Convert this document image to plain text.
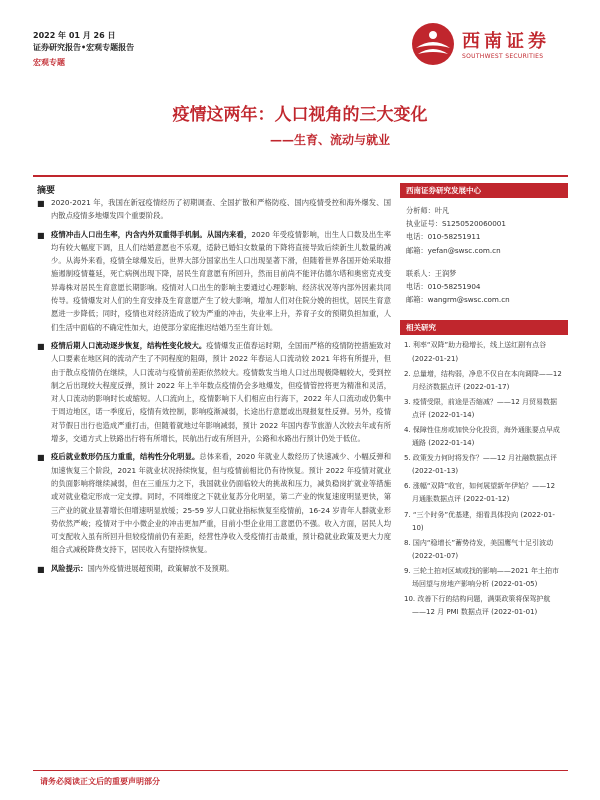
2022 年 01 月 26 日
证券研究报告•宏观专题报告
宏观专题
西南证券
SOUTHWEST SECURITIES
疫情这两年：人口视角的三大变化
——生育、流动与就业
摘要
■ 2020-2021 年，我国在新冠疫情经历了初期调查、全国扩散和严格防疫、国内疫情受控和海外爆发、国内散点疫情多地爆发四个重要阶段。
■ 疫情冲击人口出生率，内含内外双重得手机制。从国内来看，2020 年受疫情影响，出生人口数及出生率均有较大幅度下调，且人们结婚意愿也不乐观，适龄已婚妇女数量的下降将直接导致后续新生儿数量的减少。从海外来看，疫情全球爆发后，世界大部分国家出生人口出现显著下滑，但随着世界各国开始采取措施遏制疫情蔓延，死亡病例出现下降，居民生育意愿有所回升，然而目前尚不能评估德尔塔和奥密克戎变异毒株对居民生育意愿长期影响。疫情对人口出生的影响主要通过心理影响、经济状况等内部外因素共同传导。疫情爆发对人们的生育安排及生育意愿产生了较大影响，增加人们对住院分娩的担忧，居民生育意愿进一步降低；同时，疫情也对经济造成了较为严重的冲击，失业率上升，养育子女的预期负担加重，人们生活中面临的不确定性加大，迫使部分家庭推迟结婚乃至生育计划。
■ 疫情后期人口流动逐步恢复，结构性变化较大。疫情爆发正值春运时期，全国而严格的疫情防控措施致对人口要素在地区间的流动产生了不同程度的阻碍，预计 2022 年春运人口流动较 2021 年将有所提升，但由于散点疫情仍在继续，人口流动与疫情前差距依然较大。疫情数发当地人口过出现极降幅较大，受到控制之后出现较大程度反弹，预计 2022 年上半年数点疫情仍会多地爆发，但疫情管控将更为精准和灵活，对人口流动的影响时长或缩短。人口流向上，疫情影响下人们相应由行海下，2022 年人口流动或仍集中于周边地区，诺一季度后，疫情有效控制，影响疫渐减弱，长途出行意愿或出现报复性反弹。另外，疫情对节假日出行也造成严重打击，但随着就地过年影响减弱，预计 2022 年国内春节旅游人次较去年或有所增多，交通方式上铁路出行将有所增长，民航出行或有所回升，公路和水路出行预计仍处于低位。
■ 疫后就业数形仍压力重重，结构性分化明显。总体来看，2020 年就业人数经历了快速减少、小幅反弹和加速恢复三个阶段，2021 年就业状况持续恢复，但与疫情前相比仍有待恢复。预计 2022 年疫情对就业的负面影响将继续减弱，但在三重压力之下，我国就业仍面临较大的挑战和压力，减负稳岗扩就业等措施或对就业稳定形成一定支撑。同时，不同维度之下就业复苏分化明显，第二产业的恢复速度明显更快，第三产业的就业显著增长但增速明显放缓；25-59 岁人口就业指标恢复至疫情前，16-24 岁青年人群就业形势依然严峻；疫情对于中小微企业的冲击更加严重，目前小型企业用工意愿仍不强。收入方面，居民人均可支配收入虽有所回升但较疫情前仍有差距，经营性净收入受疫情打击最重，预计稳就业政策及更大力度组合式减税降费支持下，居民收入有望持续恢复。
■ 风险提示：国内外疫情进展超预期，政策解放不及预期。
西南证券研究发展中心
分析师：叶凡
执业证号：S1250520060001
电话：010-58251911
邮箱：yefan@swsc.com.cn
联系人：王润梦
电话：010-58251904
邮箱：wangrm@swsc.com.cn
相关研究
1. 利率“双降”助力稳增长，线上送红剧有点谷 (2022-01-21)
2. 总量增，结构弱，净息不仅自在本向调降——12 月经济数据点评 (2022-01-17)
3. 疫情受限，前途是否缩减？——12 月贸易数据点评 (2022-01-14)
4. 保障性住房或加快分化投资，海外通胀要点早成通路 (2022-01-14)
5. 政策发力何时将发作？——12 月社融数据点评 (2022-01-13)
6. 涨幅“双降”收官，如何展望新年伊始？——12 月通胀数据点评 (2022-01-12)
7. “三个时务”优基建，细看具体投向 (2022-01-10)
8. 国内“稳增长”蓄势待发，美国鹰气十足引波动 (2022-01-07)
9. 三轮土拍对区域或找的影响——2021 年土拍市场回望与房地产影响分析 (2022-01-05)
10. 改善下行的结构问题，满渠政策将保驾护航——12 月 PMI 数据点评 (2022-01-01)
请务必阅读正文后的重要声明部分
